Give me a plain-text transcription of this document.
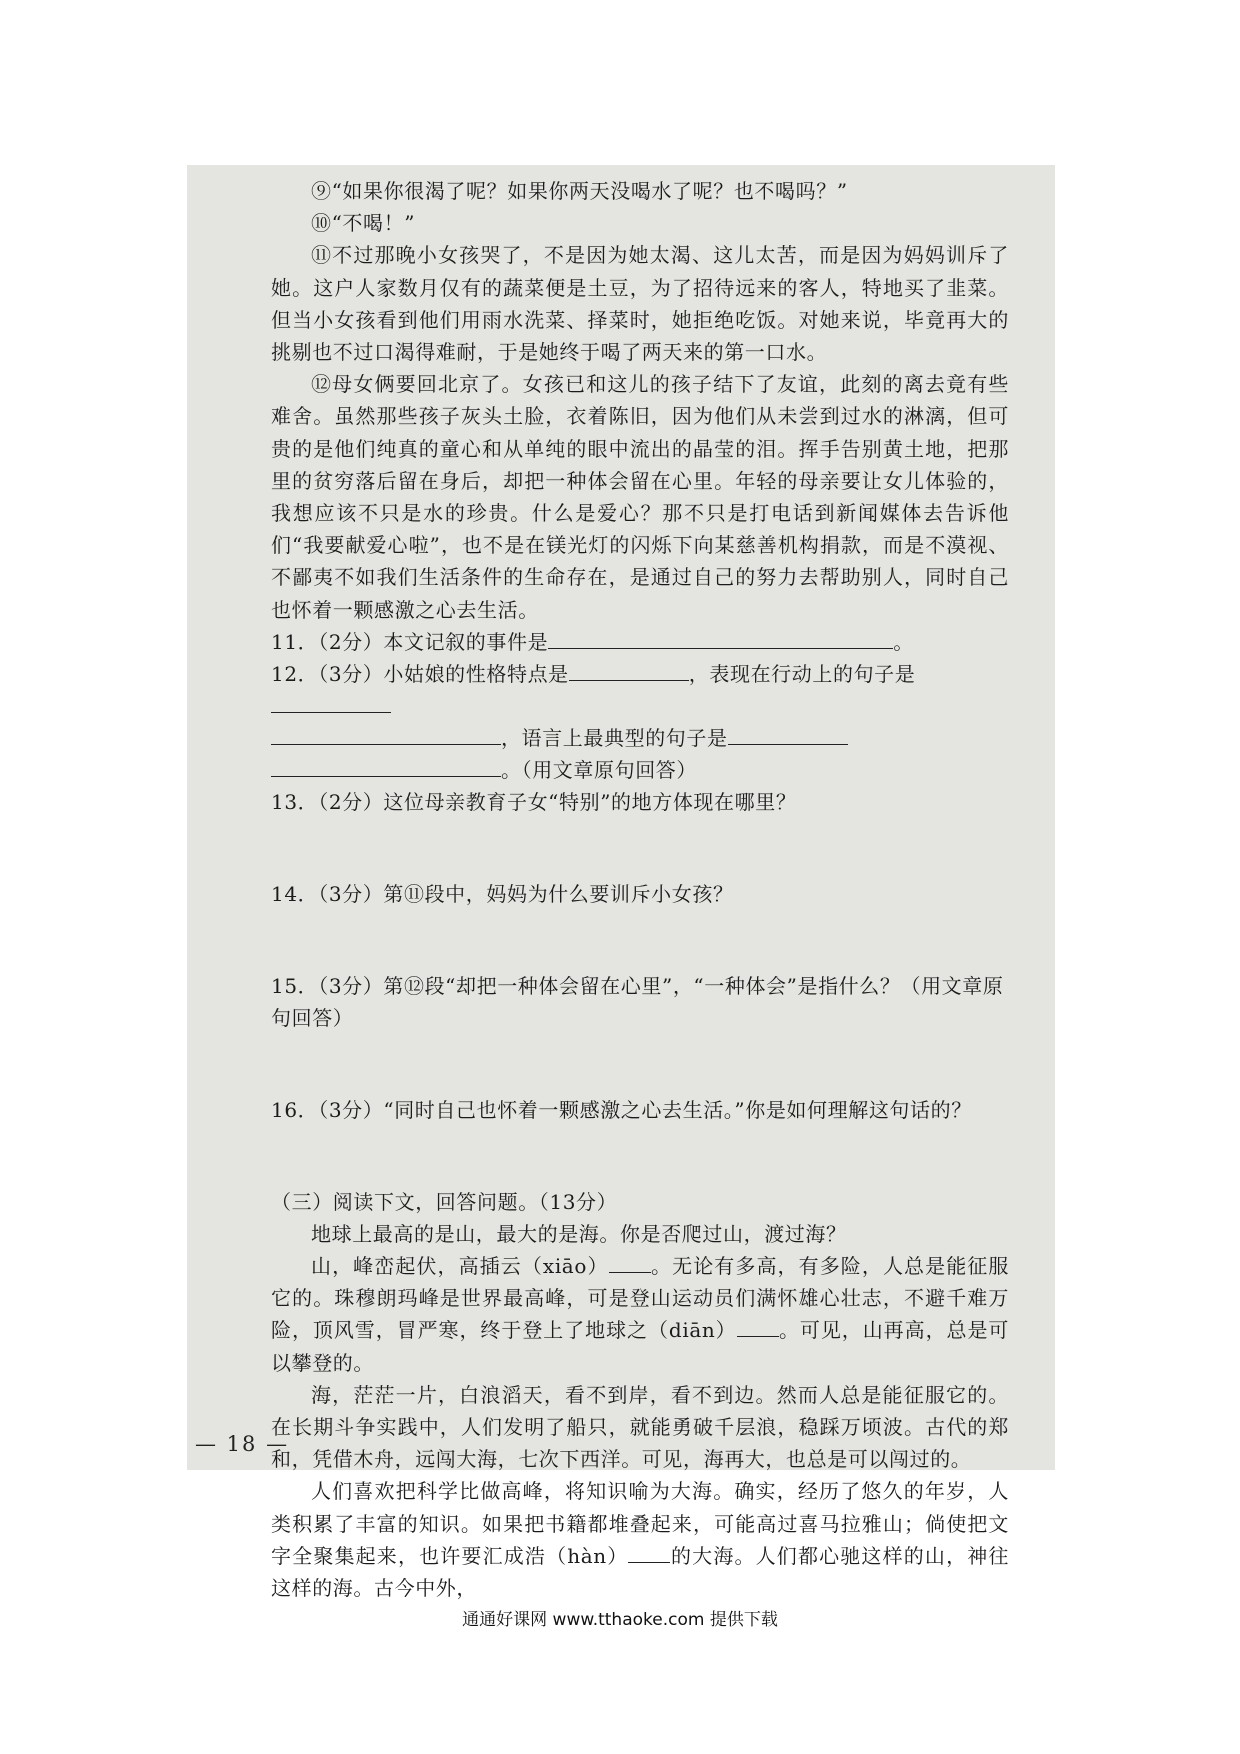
⑨“如果你很渴了呢？如果你两天没喝水了呢？也不喝吗？”

⑩“不喝！”

⑪不过那晚小女孩哭了，不是因为她太渴、这儿太苦，而是因为妈妈训斥了她。这户人家数月仅有的蔬菜便是土豆，为了招待远来的客人，特地买了韭菜。但当小女孩看到他们用雨水洗菜、择菜时，她拒绝吃饭。对她来说，毕竟再大的挑剔也不过口渴得难耐，于是她终于喝了两天来的第一口水。

⑫母女俩要回北京了。女孩已和这儿的孩子结下了友谊，此刻的离去竟有些难舍。虽然那些孩子灰头土脸，衣着陈旧，因为他们从未尝到过水的淋漓，但可贵的是他们纯真的童心和从单纯的眼中流出的晶莹的泪。挥手告别黄土地，把那里的贫穷落后留在身后，却把一种体会留在心里。年轻的母亲要让女儿体验的，我想应该不只是水的珍贵。什么是爱心？那不只是打电话到新闻媒体去告诉他们“我要献爱心啦”，也不是在镁光灯的闪烁下向某慈善机构捐款，而是不漠视、不鄙夷不如我们生活条件的生命存在，是通过自己的努力去帮助别人，同时自己也怀着一颗感激之心去生活。

11．（2分）本文记叙的事件是	。

12．（3分）小姑娘的性格特点是	，表现在行动上的句子是
，语言上最典型的句子是
。（用文章原句回答）

13．（2分）这位母亲教育子女“特别”的地方体现在哪里？

14．（3分）第⑪段中，妈妈为什么要训斥小女孩？

15．（3分）第⑫段“却把一种体会留在心里”，“一种体会”是指什么？（用文章原句回答）

16．（3分）“同时自己也怀着一颗感激之心去生活。”你是如何理解这句话的？

（三）阅读下文，回答问题。（13分）

地球上最高的是山，最大的是海。你是否爬过山，渡过海？

山，峰峦起伏，高插云（xiāo） 。无论有多高，有多险，人总是能征服它的。珠穆朗玛峰是世界最高峰，可是登山运动员们满怀雄心壮志，不避千难万险，顶风雪，冒严寒，终于登上了地球之（diān） 。可见，山再高，总是可以攀登的。

海，茫茫一片，白浪滔天，看不到岸，看不到边。然而人总是能征服它的。在长期斗争实践中，人们发明了船只，就能勇破千层浪，稳踩万顷波。古代的郑和，凭借木舟，远闯大海，七次下西洋。可见，海再大，也总是可以闯过的。

人们喜欢把科学比做高峰，将知识喻为大海。确实，经历了悠久的年岁，人类积累了丰富的知识。如果把书籍都堆叠起来，可能高过喜马拉雅山；倘使把文字全聚集起来，也许要汇成浩（hàn） 的大海。人们都心驰这样的山，神往这样的海。古今中外，

— 18 —
通通好课网 www.tthaoke.com 提供下载
